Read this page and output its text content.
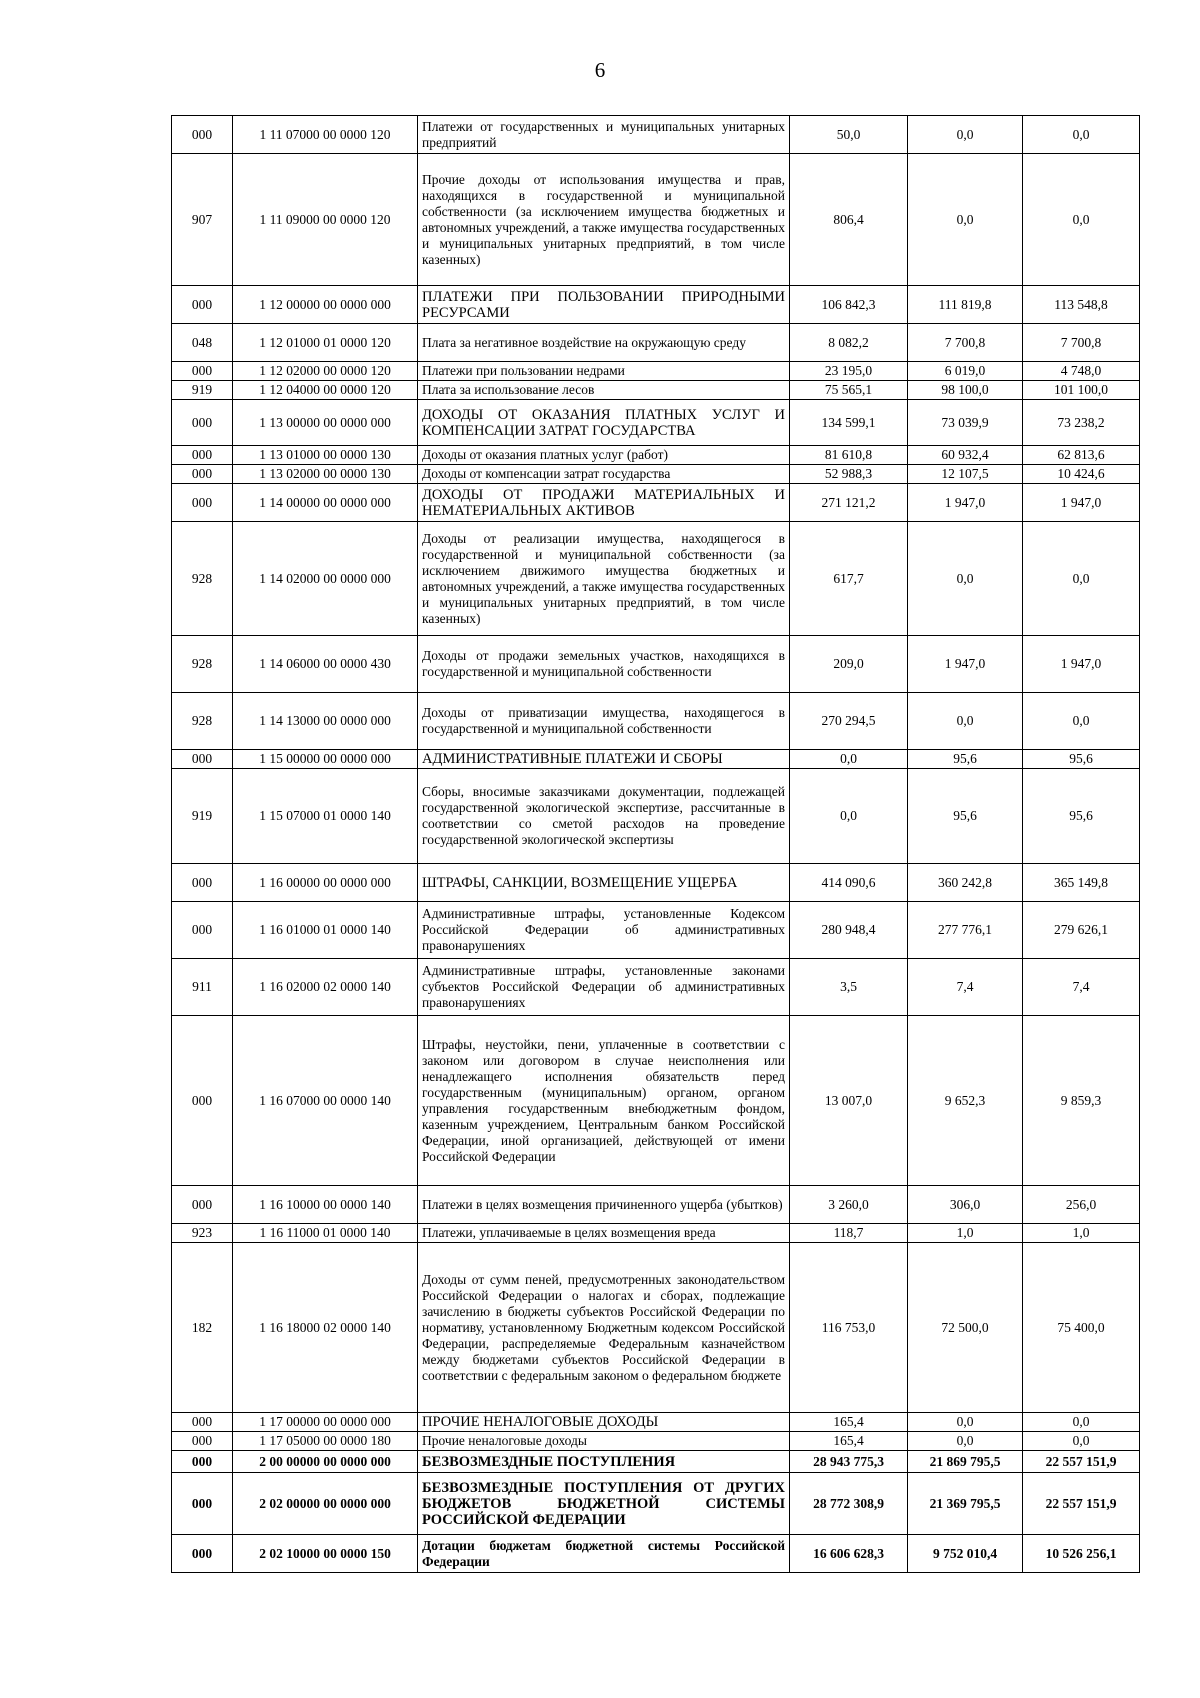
6
000	1 11 07000 00 0000 120	Платежи от государственных и муниципальных унитарных предприятий	50,0	0,0	0,0
907	1 11 09000 00 0000 120	Прочие доходы от использования имущества и прав, находящихся в государственной и муниципальной собственности (за исключением имущества бюджетных и автономных учреждений, а также имущества государственных и муниципальных унитарных предприятий, в том числе казенных)	806,4	0,0	0,0
000	1 12 00000 00 0000 000	ПЛАТЕЖИ ПРИ ПОЛЬЗОВАНИИ ПРИРОДНЫМИ РЕСУРСАМИ	106 842,3	111 819,8	113 548,8
048	1 12 01000 01 0000 120	Плата за негативное воздействие на окружающую среду	8 082,2	7 700,8	7 700,8
000	1 12 02000 00 0000 120	Платежи при пользовании недрами	23 195,0	6 019,0	4 748,0
919	1 12 04000 00 0000 120	Плата за использование лесов	75 565,1	98 100,0	101 100,0
000	1 13 00000 00 0000 000	ДОХОДЫ ОТ ОКАЗАНИЯ ПЛАТНЫХ УСЛУГ И КОМПЕНСАЦИИ ЗАТРАТ ГОСУДАРСТВА	134 599,1	73 039,9	73 238,2
000	1 13 01000 00 0000 130	Доходы от оказания платных услуг (работ)	81 610,8	60 932,4	62 813,6
000	1 13 02000 00 0000 130	Доходы от компенсации затрат государства	52 988,3	12 107,5	10 424,6
000	1 14 00000 00 0000 000	ДОХОДЫ ОТ ПРОДАЖИ МАТЕРИАЛЬНЫХ И НЕМАТЕРИАЛЬНЫХ АКТИВОВ	271 121,2	1 947,0	1 947,0
928	1 14 02000 00 0000 000	Доходы от реализации имущества, находящегося в государственной и муниципальной собственности (за исключением движимого имущества бюджетных и автономных учреждений, а также имущества государственных и муниципальных унитарных предприятий, в том числе казенных)	617,7	0,0	0,0
928	1 14 06000 00 0000 430	Доходы от продажи земельных участков, находящихся в государственной и муниципальной собственности	209,0	1 947,0	1 947,0
928	1 14 13000 00 0000 000	Доходы от приватизации имущества, находящегося в государственной и муниципальной собственности	270 294,5	0,0	0,0
000	1 15 00000 00 0000 000	АДМИНИСТРАТИВНЫЕ ПЛАТЕЖИ И СБОРЫ	0,0	95,6	95,6
919	1 15 07000 01 0000 140	Сборы, вносимые заказчиками документации, подлежащей государственной экологической экспертизе, рассчитанные в соответствии со сметой расходов на проведение государственной экологической экспертизы	0,0	95,6	95,6
000	1 16 00000 00 0000 000	ШТРАФЫ, САНКЦИИ, ВОЗМЕЩЕНИЕ УЩЕРБА	414 090,6	360 242,8	365 149,8
000	1 16 01000 01 0000 140	Административные штрафы, установленные Кодексом Российской Федерации об административных правонарушениях	280 948,4	277 776,1	279 626,1
911	1 16 02000 02 0000 140	Административные штрафы, установленные законами субъектов Российской Федерации об административных правонарушениях	3,5	7,4	7,4
000	1 16 07000 00 0000 140	Штрафы, неустойки, пени, уплаченные в соответствии с законом или договором в случае неисполнения или ненадлежащего исполнения обязательств перед государственным (муниципальным) органом, органом управления государственным внебюджетным фондом, казенным учреждением, Центральным банком Российской Федерации, иной организацией, действующей от имени Российской Федерации	13 007,0	9 652,3	9 859,3
000	1 16 10000 00 0000 140	Платежи в целях возмещения причиненного ущерба (убытков)	3 260,0	306,0	256,0
923	1 16 11000 01 0000 140	Платежи, уплачиваемые в целях возмещения вреда	118,7	1,0	1,0
182	1 16 18000 02 0000 140	Доходы от сумм пеней, предусмотренных законодательством Российской Федерации о налогах и сборах, подлежащие зачислению в бюджеты субъектов Российской Федерации по нормативу, установленному Бюджетным кодексом Российской Федерации, распределяемые Федеральным казначейством между бюджетами субъектов Российской Федерации в соответствии с федеральным законом о федеральном бюджете	116 753,0	72 500,0	75 400,0
000	1 17 00000 00 0000 000	ПРОЧИЕ НЕНАЛОГОВЫЕ ДОХОДЫ	165,4	0,0	0,0
000	1 17 05000 00 0000 180	Прочие неналоговые доходы	165,4	0,0	0,0
000	2 00 00000 00 0000 000	БЕЗВОЗМЕЗДНЫЕ ПОСТУПЛЕНИЯ	28 943 775,3	21 869 795,5	22 557 151,9
000	2 02 00000 00 0000 000	БЕЗВОЗМЕЗДНЫЕ ПОСТУПЛЕНИЯ ОТ ДРУГИХ БЮДЖЕТОВ БЮДЖЕТНОЙ СИСТЕМЫ РОССИЙСКОЙ ФЕДЕРАЦИИ	28 772 308,9	21 369 795,5	22 557 151,9
000	2 02 10000 00 0000 150	Дотации бюджетам бюджетной системы Российской Федерации	16 606 628,3	9 752 010,4	10 526 256,1
